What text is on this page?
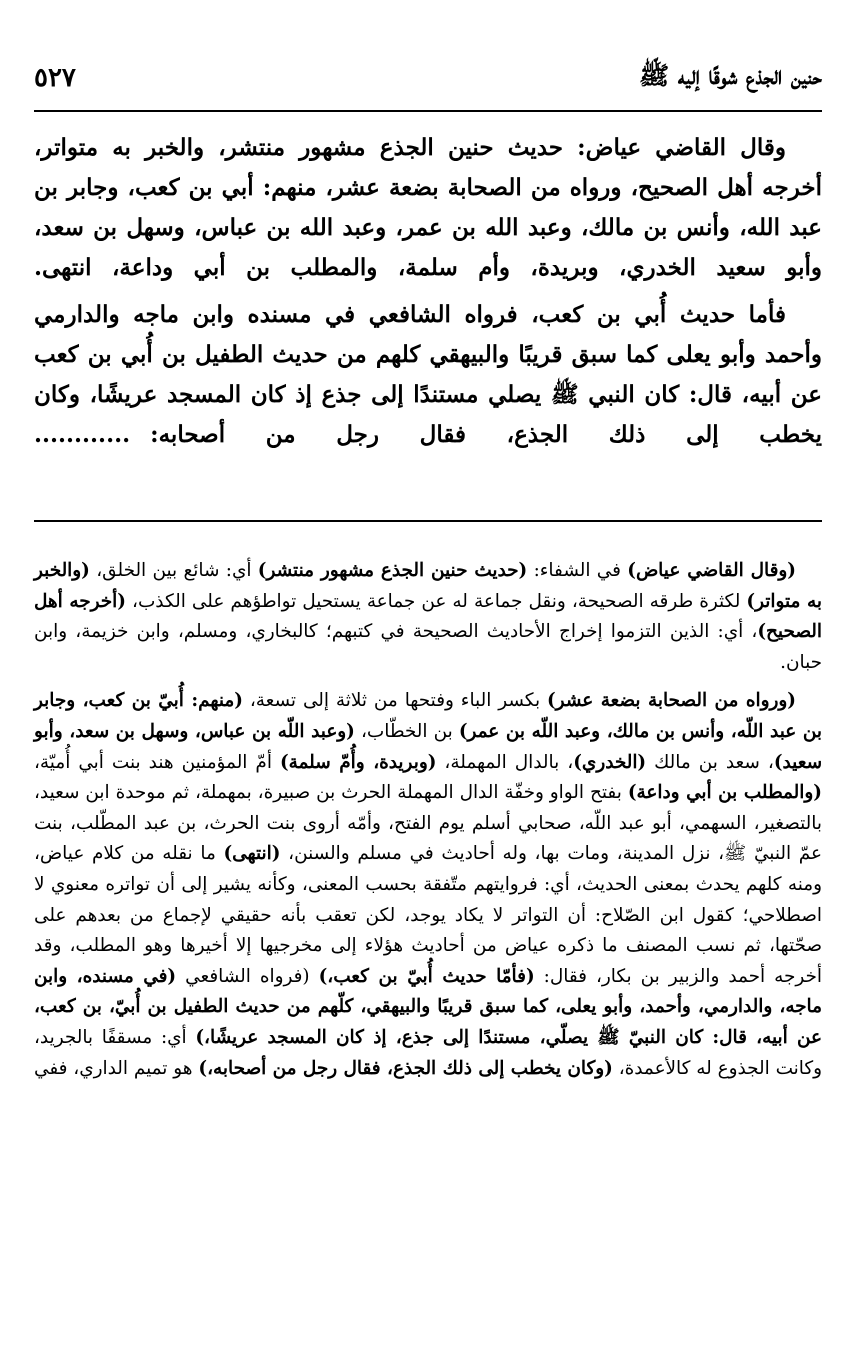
حنين الجذع شوقًا إليه ﷺ
٥٢٧

وقال القاضي عياض: حديث حنين الجذع مشهور منتشر، والخبر به متواتر، أخرجه أهل الصحيح، ورواه من الصحابة بضعة عشر، منهم: أبي بن كعب، وجابر بن عبد الله، وأنس بن مالك، وعبد الله بن عمر، وعبد الله بن عباس، وسهل بن سعد، وأبو سعيد الخدري، وبريدة، وأم سلمة، والمطلب بن أبي وداعة، انتهى.

فأما حديث أُبي بن كعب، فرواه الشافعي في مسنده وابن ماجه والدارمي وأحمد وأبو يعلى كما سبق قريبًا والبيهقي كلهم من حديث الطفيل بن أُبي بن كعب عن أبيه، قال: كان النبي ﷺ يصلي مستندًا إلى جذع إذ كان المسجد عريشًا، وكان يخطب إلى ذلك الجذع، فقال رجل من أصحابه:............

(وقال القاضي عياض) في الشفاء: (حديث حنين الجذع مشهور منتشر) أي: شائع بين الخلق، (والخبر به متواتر) لكثرة طرقه الصحيحة، ونقل جماعة له عن جماعة يستحيل تواطؤهم على الكذب، (أخرجه أهل الصحيح)، أي: الذين التزموا إخراج الأحاديث الصحيحة في كتبهم؛ كالبخاري، ومسلم، وابن خزيمة، وابن حبان.

(ورواه من الصحابة بضعة عشر) بكسر الباء وفتحها من ثلاثة إلى تسعة، (منهم: أُبيّ بن كعب، وجابر بن عبد اللّه، وأنس بن مالك، وعبد اللّه بن عمر) بن الخطّاب، (وعبد اللّه بن عباس، وسهل بن سعد، وأبو سعيد)، سعد بن مالك (الخدري)، بالدال المهملة، (وبريدة، وأُمّ سلمة) أمّ المؤمنين هند بنت أبي أُميّة، (والمطلب بن أبي وداعة) بفتح الواو وخفّة الدال المهملة الحرث بن صبيرة، بمهملة، ثم موحدة ابن سعيد، بالتصغير، السهمي، أبو عبد اللّه، صحابي أسلم يوم الفتح، وأمّه أروى بنت الحرث، بن عبد المطّلب، بنت عمّ النبيّ ﷺ، نزل المدينة، ومات بها، وله أحاديث في مسلم والسنن، (انتهى) ما نقله من كلام عياض، ومنه كلهم يحدث بمعنى الحديث، أي: فروايتهم متّفقة بحسب المعنى، وكأنه يشير إلى أن تواتره معنوي لا اصطلاحي؛ كقول ابن الصّلاح: أن التواتر لا يكاد يوجد، لكن تعقب بأنه حقيقي لإجماع من بعدهم على صحّتها، ثم نسب المصنف ما ذكره عياض من أحاديث هؤلاء إلى مخرجيها إلا أخيرها وهو المطلب، وقد أخرجه أحمد والزبير بن بكار، فقال: (فأمّا حديث أُبيّ بن كعب،) (فرواه الشافعي (في مسنده، وابن ماجه، والدارمي، وأحمد، وأبو يعلى، كما سبق قريبًا والبيهقي، كلّهم من حديث الطفيل بن أُبيّ، بن كعب، عن أبيه، قال: كان النبيّ ﷺ يصلّي، مستندًا إلى جذع، إذ كان المسجد عريشًا،) أي: مسقفًا بالجريد، وكانت الجذوع له كالأعمدة، (وكان يخطب إلى ذلك الجذع، فقال رجل من أصحابه،) هو تميم الداري، ففي
